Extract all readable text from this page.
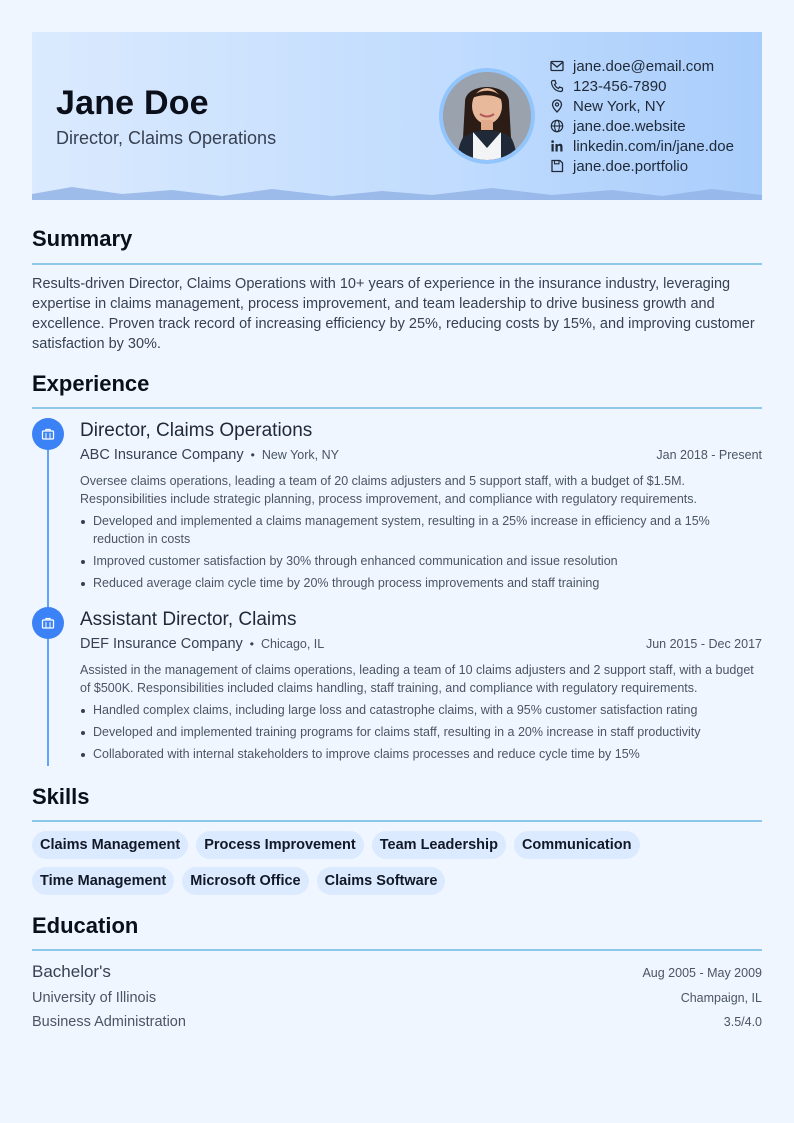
Jane Doe
Director, Claims Operations
jane.doe@email.com
123-456-7890
New York, NY
jane.doe.website
linkedin.com/in/jane.doe
jane.doe.portfolio
Summary
Results-driven Director, Claims Operations with 10+ years of experience in the insurance industry, leveraging expertise in claims management, process improvement, and team leadership to drive business growth and excellence. Proven track record of increasing efficiency by 25%, reducing costs by 15%, and improving customer satisfaction by 30%.
Experience
Director, Claims Operations
ABC Insurance Company • New York, NY	Jan 2018 - Present
Oversee claims operations, leading a team of 20 claims adjusters and 5 support staff, with a budget of $1.5M. Responsibilities include strategic planning, process improvement, and compliance with regulatory requirements.
Developed and implemented a claims management system, resulting in a 25% increase in efficiency and a 15% reduction in costs
Improved customer satisfaction by 30% through enhanced communication and issue resolution
Reduced average claim cycle time by 20% through process improvements and staff training
Assistant Director, Claims
DEF Insurance Company • Chicago, IL	Jun 2015 - Dec 2017
Assisted in the management of claims operations, leading a team of 10 claims adjusters and 2 support staff, with a budget of $500K. Responsibilities included claims handling, staff training, and compliance with regulatory requirements.
Handled complex claims, including large loss and catastrophe claims, with a 95% customer satisfaction rating
Developed and implemented training programs for claims staff, resulting in a 20% increase in staff productivity
Collaborated with internal stakeholders to improve claims processes and reduce cycle time by 15%
Skills
Claims Management	Process Improvement	Team Leadership	Communication
Time Management	Microsoft Office	Claims Software
Education
Bachelor's	Aug 2005 - May 2009
University of Illinois	Champaign, IL
Business Administration	3.5/4.0
